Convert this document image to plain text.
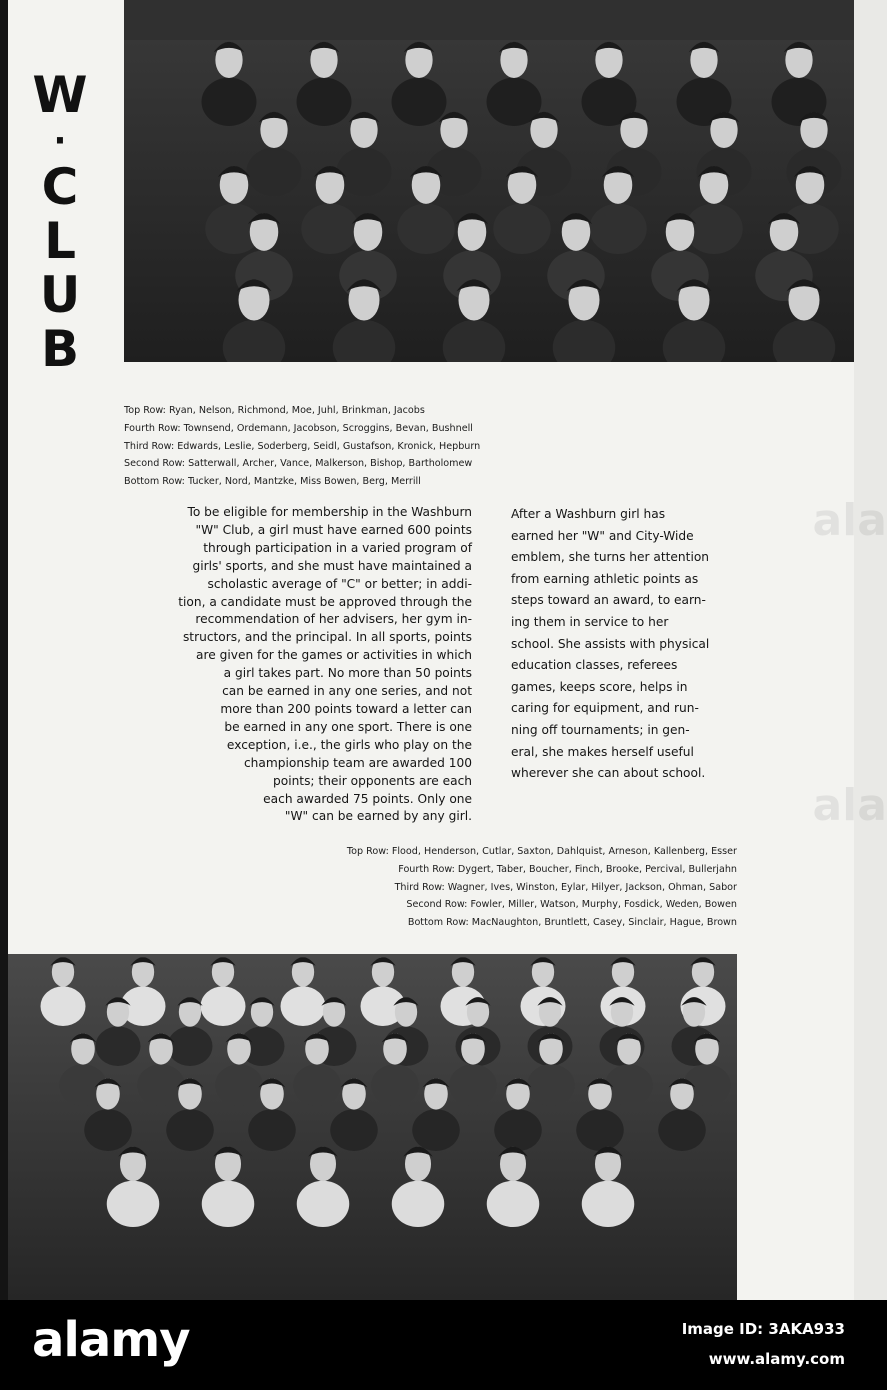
W
·
C
L
U
B
Top Row: Ryan, Nelson, Richmond, Moe, Juhl, Brinkman, Jacobs
Fourth Row: Townsend, Ordemann, Jacobson, Scroggins, Bevan, Bushnell
Third Row: Edwards, Leslie, Soderberg, Seidl, Gustafson, Kronick, Hepburn
Second Row: Satterwall, Archer, Vance, Malkerson, Bishop, Bartholomew
Bottom Row: Tucker, Nord, Mantzke, Miss Bowen, Berg, Merrill
To be eligible for membership in the Washburn
"W" Club, a girl must have earned 600 points
through participation in a varied program of
girls' sports, and she must have maintained a
scholastic average of "C" or better; in addi-
tion, a candidate must be approved through the
recommendation of her advisers, her gym in-
structors, and the principal. In all sports, points
are given for the games or activities in which
a girl takes part. No more than 50 points
can be earned in any one series, and not
more than 200 points toward a letter can
be earned in any one sport. There is one
exception, i.e., the girls who play on the
championship team are awarded 100
points; their opponents are each
each awarded 75 points. Only one
"W" can be earned by any girl.
After a Washburn girl has
earned her "W" and City-Wide
emblem, she turns her attention
from earning athletic points as
steps toward an award, to earn-
ing them in service to her
school. She assists with physical
education classes, referees
games, keeps score, helps in
caring for equipment, and run-
ning off tournaments; in gen-
eral, she makes herself useful
wherever she can about school.
Top Row: Flood, Henderson, Cutlar, Saxton, Dahlquist, Arneson, Kallenberg, Esser
Fourth Row: Dygert, Taber, Boucher, Finch, Brooke, Percival, Bullerjahn
Third Row: Wagner, Ives, Winston, Eylar, Hilyer, Jackson, Ohman, Sabor
Second Row: Fowler, Miller, Watson, Murphy, Fosdick, Weden, Bowen
Bottom Row: MacNaughton, Bruntlett, Casey, Sinclair, Hague, Brown
ala
ala
alamy	Image ID: 3AKA933
www.alamy.com
